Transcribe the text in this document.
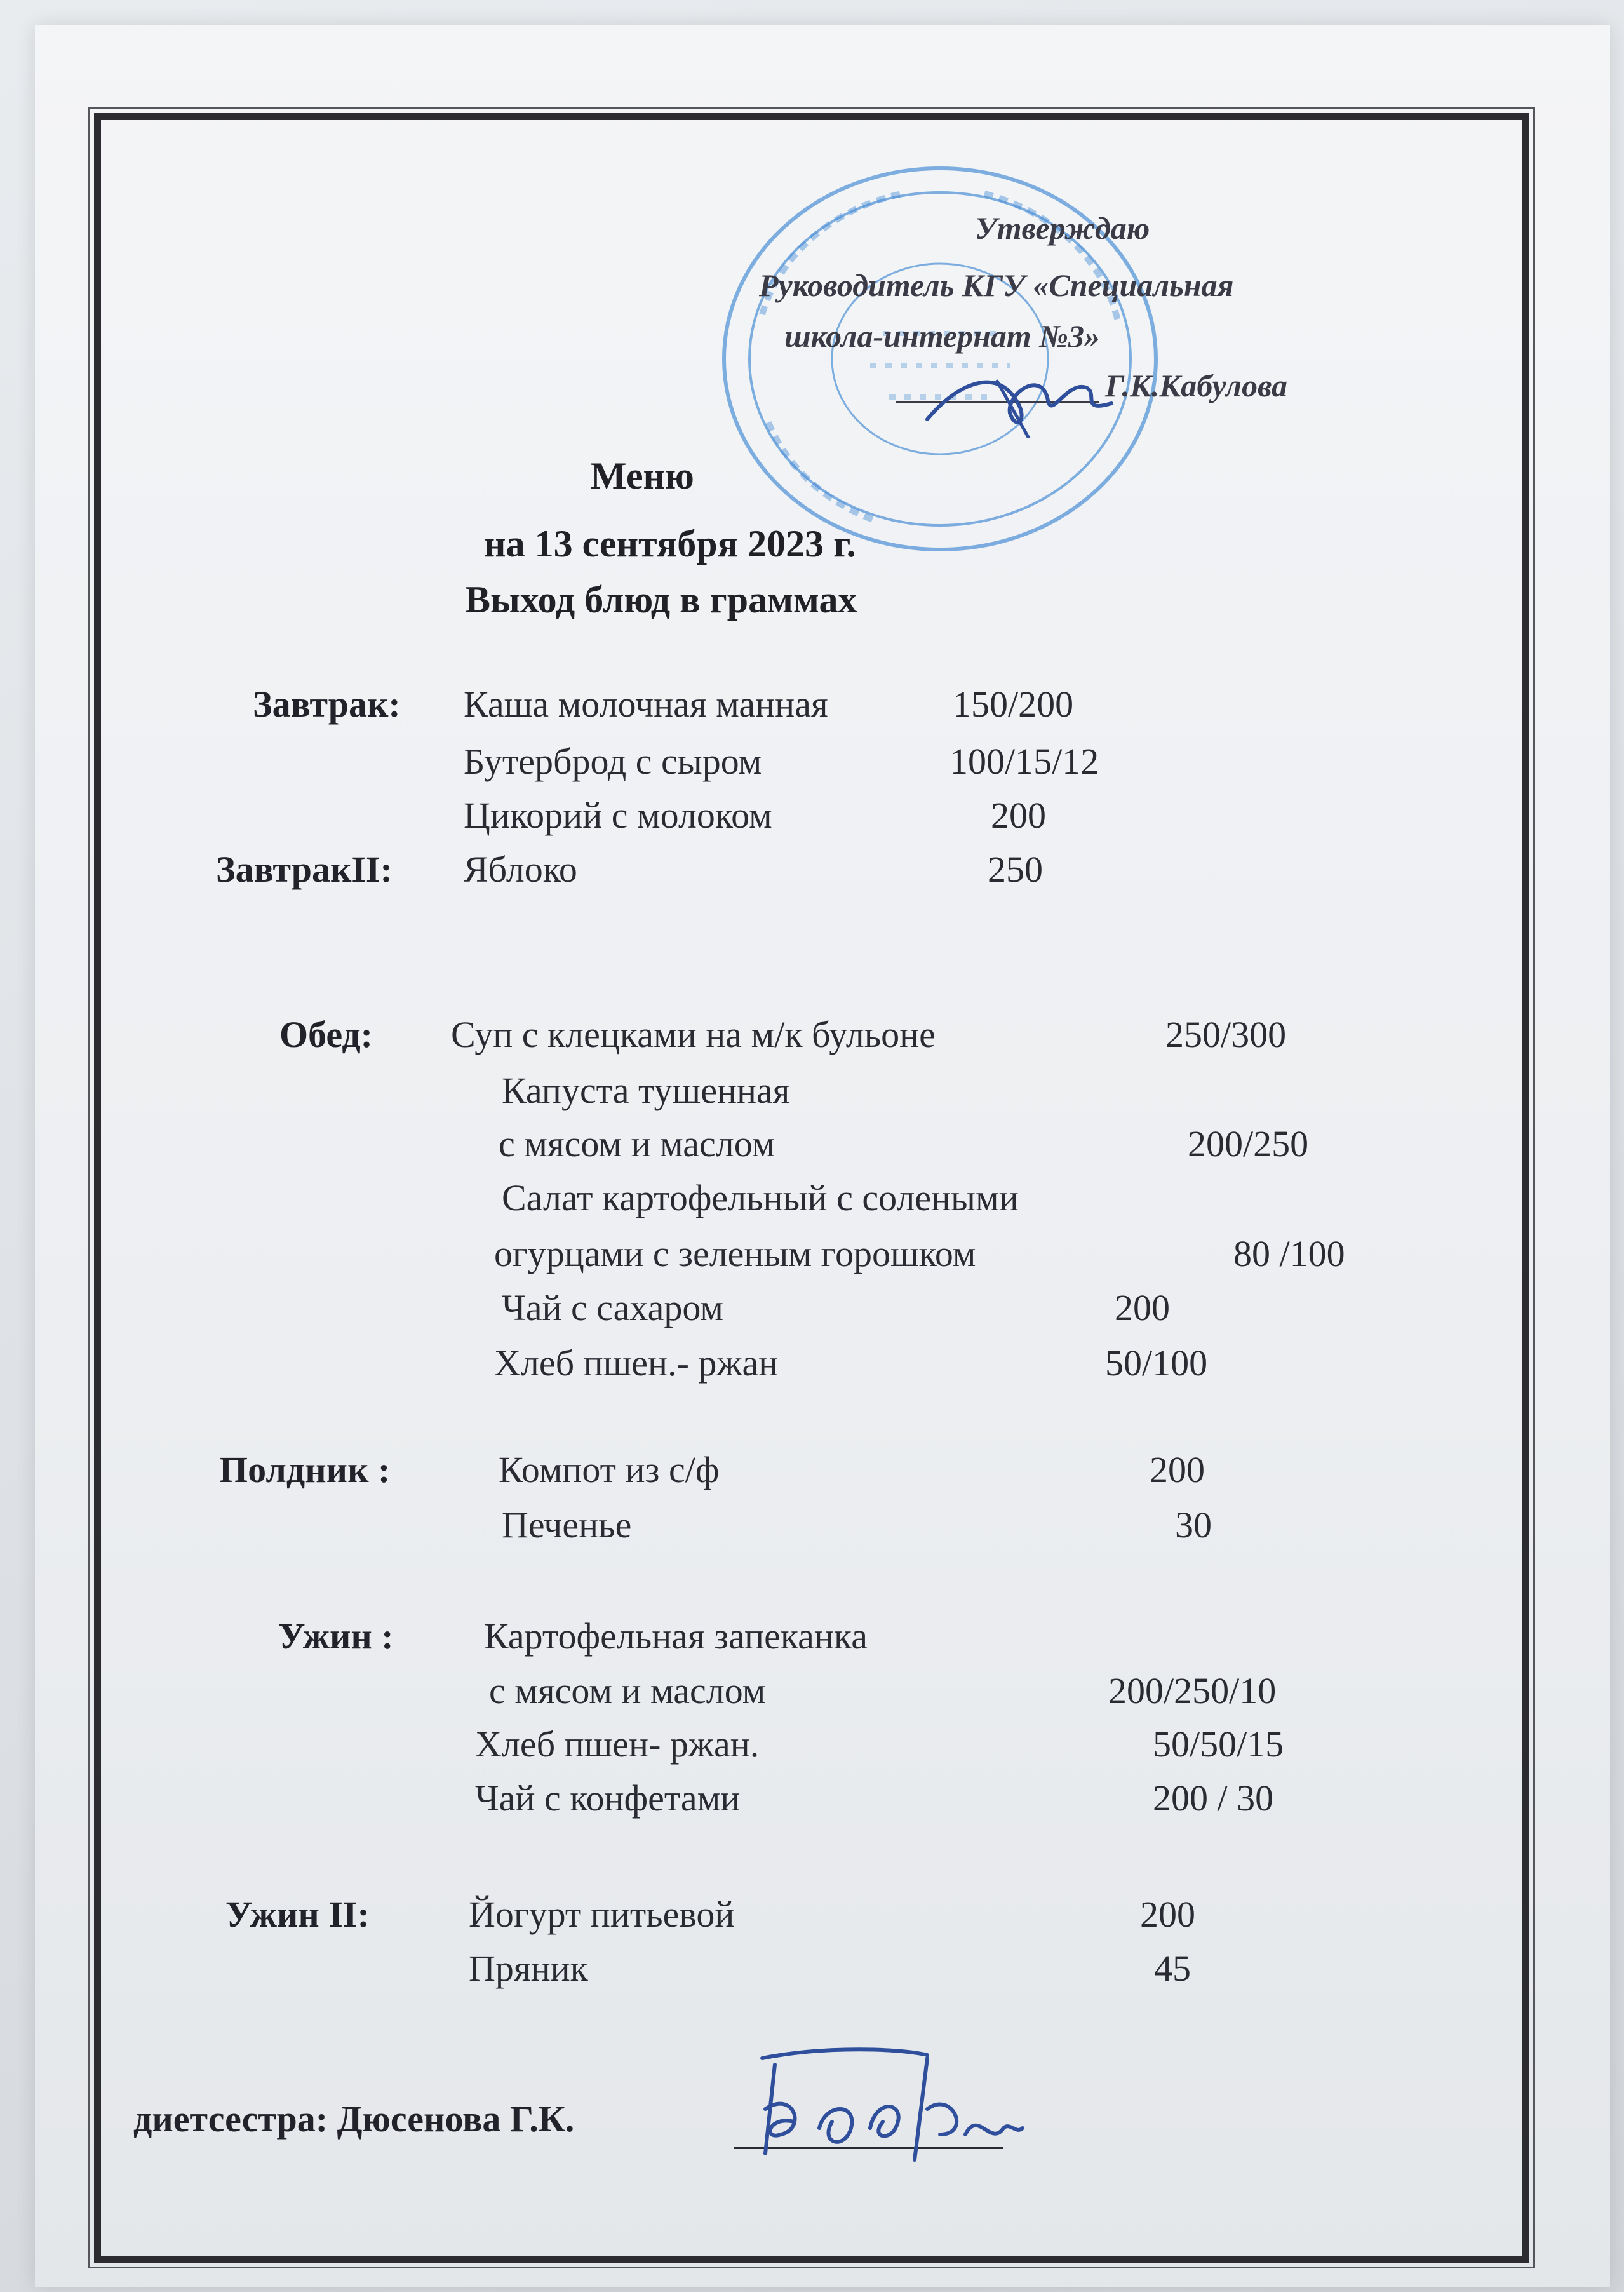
Утверждаю
Руководитель КГУ «Специальная
школа-интернат №3»
Г.К.Кабулова
Меню
на 13 сентября 2023 г.
Выход блюд в граммах
Завтрак: Каша молочная манная	150/200
Бутерброд с сыром	100/15/12
Цикорий с молоком	200
ЗавтракII: Яблоко	250
Обед: Суп с клецками на м/к бульоне	250/300
Капуста тушенная
с мясом и маслом	200/250
Салат картофельный с солеными
огурцами с зеленым горошком	80 /100
Чай с сахаром	200
Хлеб пшен.- ржан	50/100
Полдник :	Компот из с/ф	200
Печенье	30
Ужин : Картофельная запеканка
с мясом и маслом	200/250/10
Хлеб пшен- ржан.	50/50/15
Чай с конфетами	200 / 30
Ужин II:	Йогурт питьевой	200
Пряник	45
диетсестра: Дюсенова Г.К.
